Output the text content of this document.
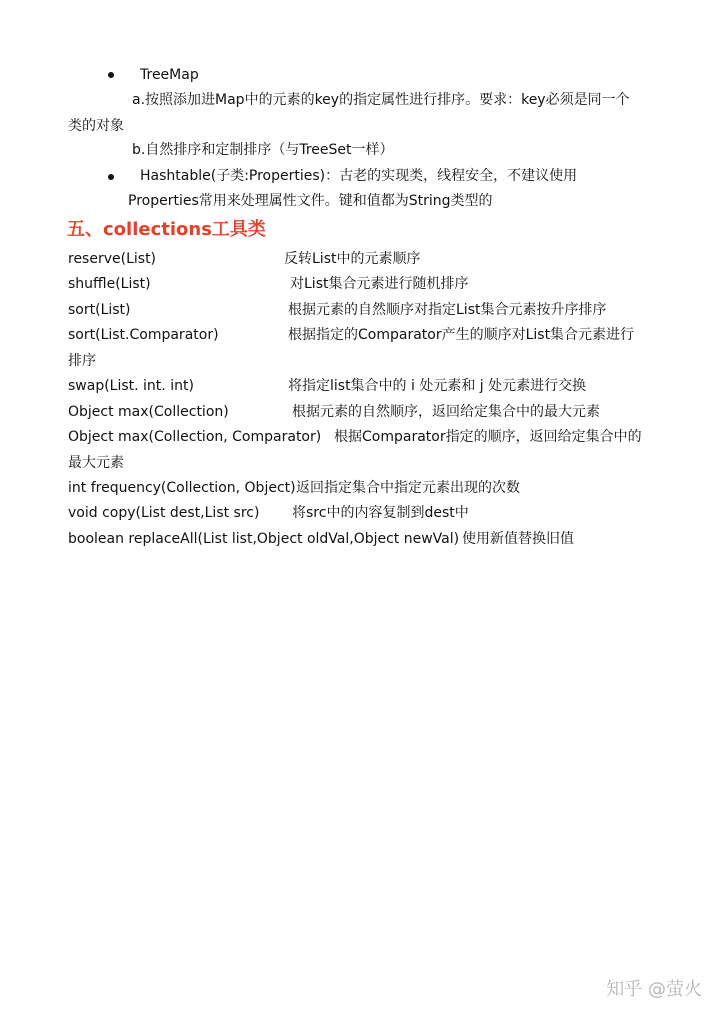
TreeMap
a.按照添加进Map中的元素的key的指定属性进行排序。要求：key必须是同一个
类的对象
b.自然排序和定制排序（与TreeSet一样）
Hashtable(子类:Properties)：古老的实现类，线程安全，不建议使用
Properties常用来处理属性文件。键和值都为String类型的
五、collections工具类
reserve(List)	反转List中的元素顺序
shuffle(List)	对List集合元素进行随机排序
sort(List)	根据元素的自然顺序对指定List集合元素按升序排序
sort(List.Comparator)	根据指定的Comparator产生的顺序对List集合元素进行
排序
swap(List. int. int)	将指定list集合中的 i 处元素和 j 处元素进行交换
Object max(Collection)	根据元素的自然顺序，返回给定集合中的最大元素
Object max(Collection, Comparator) 根据Comparator指定的顺序，返回给定集合中的
最大元素
int frequency(Collection, Object) 返回指定集合中指定元素出现的次数
void copy(List dest,List src) 将src中的内容复制到dest中
boolean replaceAll(List list,Object oldVal,Object newVal) 使用新值替换旧值
知乎 @萤火
